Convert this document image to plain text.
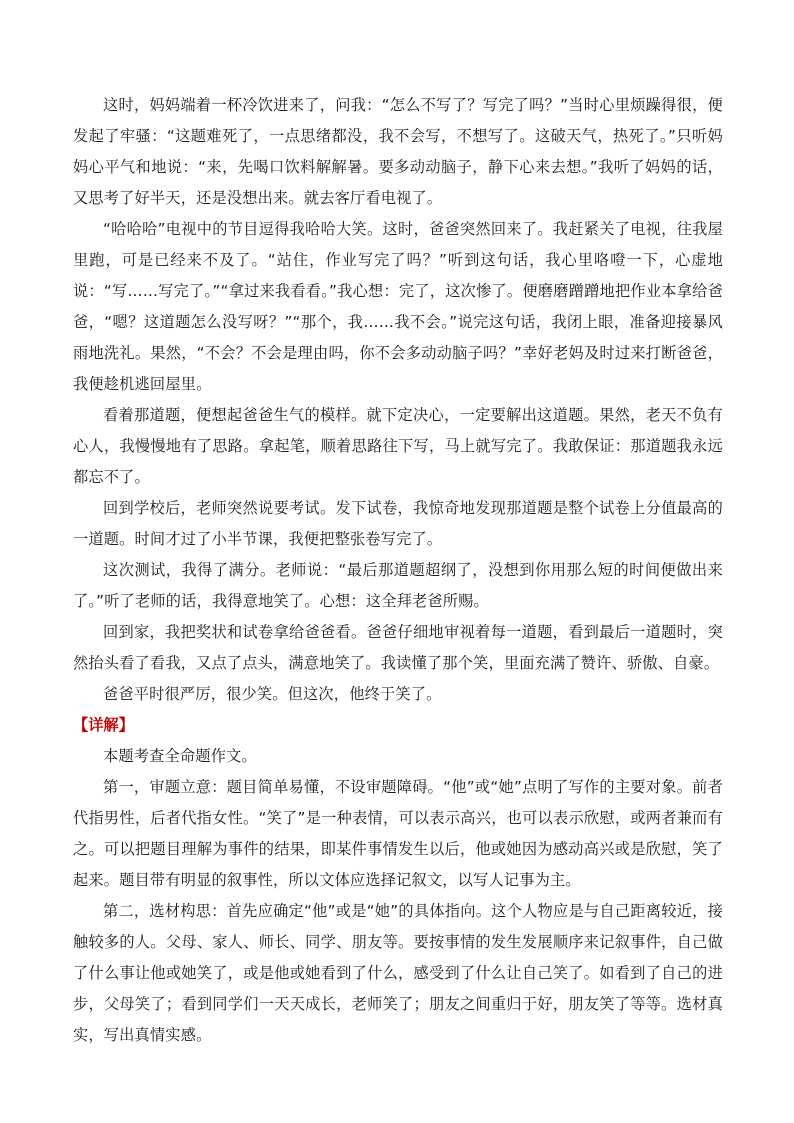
这时，妈妈端着一杯冷饮进来了，问我：“怎么不写了？写完了吗？”当时心里烦躁得很，便发起了牢骚：“这题难死了，一点思绪都没，我不会写，不想写了。这破天气，热死了。”只听妈妈心平气和地说：“来，先喝口饮料解解暑。要多动动脑子，静下心来去想。”我听了妈妈的话，又思考了好半天，还是没想出来。就去客厅看电视了。

“哈哈哈”电视中的节目逗得我哈哈大笑。这时，爸爸突然回来了。我赶紧关了电视，往我屋里跑，可是已经来不及了。“站住，作业写完了吗？”听到这句话，我心里咯噔一下，心虚地说：“写……写完了。”“拿过来我看看。”我心想：完了，这次惨了。便磨磨蹭蹭地把作业本拿给爸爸，“嗯？这道题怎么没写呀？”“那个，我……我不会。”说完这句话，我闭上眼，准备迎接暴风雨地洗礼。果然，“不会？不会是理由吗，你不会多动动脑子吗？”幸好老妈及时过来打断爸爸，我便趁机逃回屋里。

看着那道题，便想起爸爸生气的模样。就下定决心，一定要解出这道题。果然，老天不负有心人，我慢慢地有了思路。拿起笔，顺着思路往下写，马上就写完了。我敢保证：那道题我永远都忘不了。

回到学校后，老师突然说要考试。发下试卷，我惊奇地发现那道题是整个试卷上分值最高的一道题。时间才过了小半节课，我便把整张卷写完了。

这次测试，我得了满分。老师说：“最后那道题超纲了，没想到你用那么短的时间便做出来了。”听了老师的话，我得意地笑了。心想：这全拜老爸所赐。

回到家，我把奖状和试卷拿给爸爸看。爸爸仔细地审视着每一道题，看到最后一道题时，突然抬头看了看我，又点了点头，满意地笑了。我读懂了那个笑，里面充满了赞许、骄傲、自豪。

爸爸平时很严厉，很少笑。但这次，他终于笑了。

【详解】

本题考查全命题作文。

第一，审题立意：题目简单易懂，不设审题障碍。“他”或“她”点明了写作的主要对象。前者代指男性，后者代指女性。“笑了”是一种表情，可以表示高兴，也可以表示欣慰，或两者兼而有之。可以把题目理解为事件的结果，即某件事情发生以后，他或她因为感动高兴或是欣慰，笑了起来。题目带有明显的叙事性，所以文体应选择记叙文，以写人记事为主。

第二，选材构思：首先应确定“他”或是“她”的具体指向。这个人物应是与自己距离较近，接触较多的人。父母、家人、师长、同学、朋友等。要按事情的发生发展顺序来记叙事件，自己做了什么事让他或她笑了，或是他或她看到了什么，感受到了什么让自己笑了。如看到了自己的进步，父母笑了；看到同学们一天天成长，老师笑了；朋友之间重归于好，朋友笑了等等。选材真实，写出真情实感。
